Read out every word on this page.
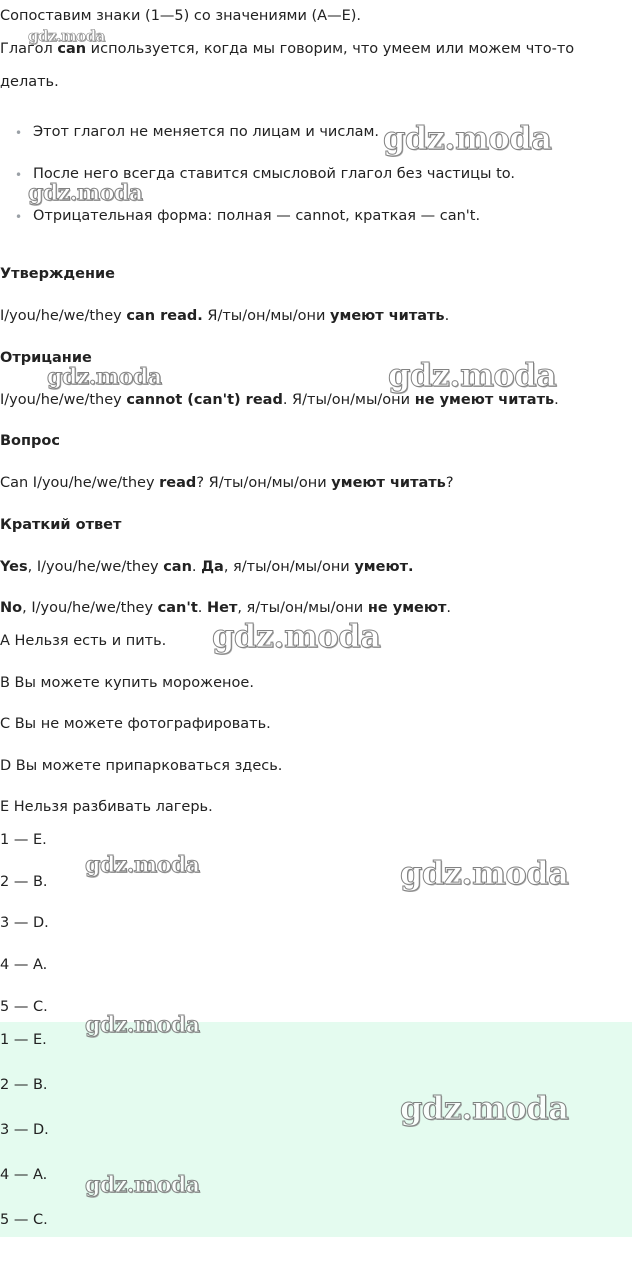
Сопоставим знаки (1—5) со значениями (A—E).
Глагол can используется, когда мы говорим, что умеем или можем что-то
делать.
• Этот глагол не меняется по лицам и числам.
• После него всегда ставится смысловой глагол без частицы to.
• Отрицательная форма: полная — cannot, краткая — can't.
Утверждение
I/you/he/we/they can read. Я/ты/он/мы/они умеют читать.
Отрицание
I/you/he/we/they cannot (can't) read. Я/ты/он/мы/они не умеют читать.
Вопрос
Can I/you/he/we/they read? Я/ты/он/мы/они умеют читать?
Краткий ответ
Yes, I/you/he/we/they can. Да, я/ты/он/мы/они умеют.
No, I/you/he/we/they can't. Нет, я/ты/он/мы/они не умеют.
A Нельзя есть и пить.
B Вы можете купить мороженое.
C Вы не можете фотографировать.
D Вы можете припарковаться здесь.
E Нельзя разбивать лагерь.
1 — E.
2 — B.
3 — D.
4 — A.
5 — C.
1 — E.
2 — B.
3 — D.
4 — A.
5 — C.
gdz.moda
gdz.moda
gdz.moda
gdz.moda	gdz.moda
gdz.moda
gdz.moda	gdz.moda
gdz.moda
gdz.moda
gdz.moda
